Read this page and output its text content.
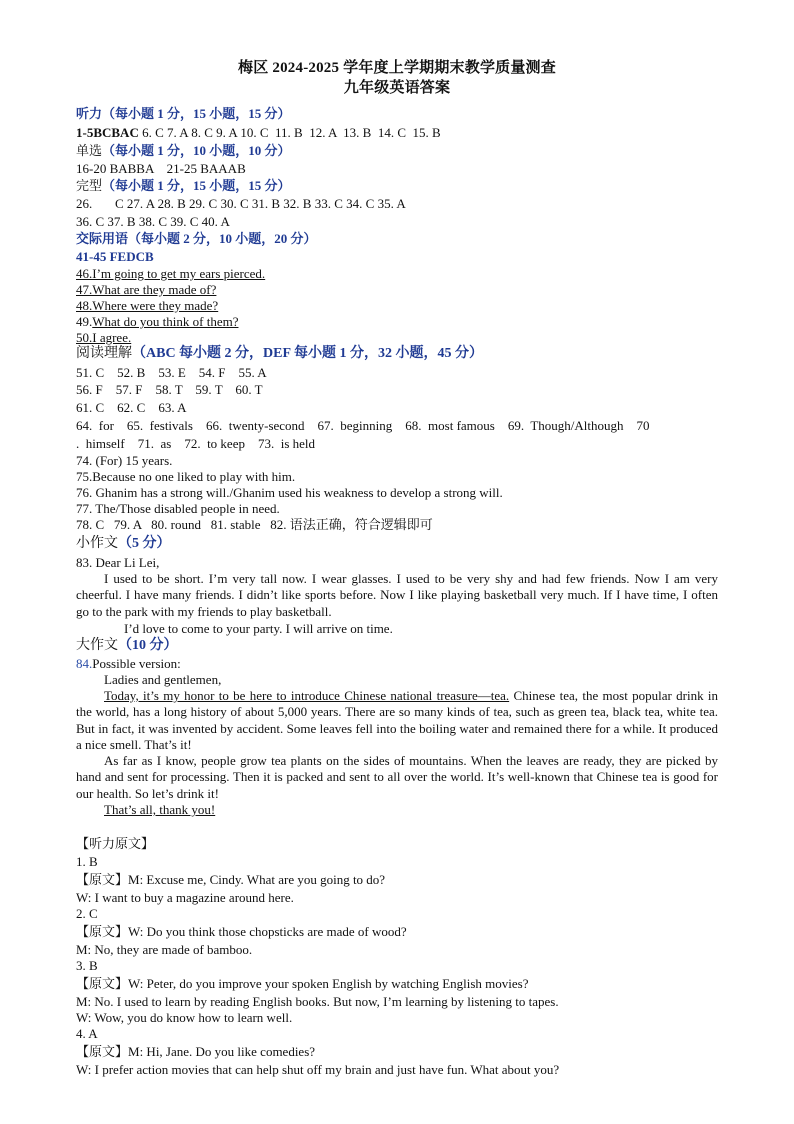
梅区 2024-2025 学年度上学期期末教学质量测查
九年级英语答案
听力（每小题 1 分，15 小题，15 分）
1-5BCBAC 6. C 7. A 8. C 9. A 10. C  11. B  12. A  13. B  14. C  15. B
单选（每小题 1 分，10 小题，10 分）
16-20 BABBA    21-25 BAAAB
完型（每小题 1 分，15 小题，15 分）
26.       C 27. A 28. B 29. C 30. C 31. B 32. B 33. C 34. C 35. A
36. C 37. B 38. C 39. C 40. A
交际用语（每小题 2 分，10 小题，20 分）
41-45 FEDCB
46.I’m going to get my ears pierced.
47.What are they made of?
48.Where were they made?
49.What do you think of them?
50.I agree.
阅读理解（ABC 每小题 2 分，DEF 每小题 1 分，32 小题，45 分）
51. C    52. B    53. E    54. F    55. A
56. F    57. F    58. T    59. T    60. T
61. C    62. C    63. A
64.  for    65.  festivals    66.  twenty-second    67.  beginning    68.  most famous    69.  Though/Although    70
.  himself    71.  as    72.  to keep    73.  is held
74. (For) 15 years.
75.Because no one liked to play with him.
76. Ghanim has a strong will./Ghanim used his weakness to develop a strong will.
77. The/Those disabled people in need.
78. C   79. A   80. round   81. stable   82. 语法正确，符合逻辑即可
小作文（5 分）
83. Dear Li Lei,
I used to be short. I’m very tall now. I wear glasses. I used to be very shy and had few friends. Now I am very cheerful. I have many friends. I didn’t like sports before. Now I like playing basketball very much. If I have time, I often go to the park with my friends to play basketball.
I’d love to come to your party. I will arrive on time.
大作文（10 分）
84.Possible version:
Ladies and gentlemen,
Today, it’s my honor to be here to introduce Chinese national treasure—tea. Chinese tea, the most popular drink in the world, has a long history of about 5,000 years. There are so many kinds of tea, such as green tea, black tea, white tea. But in fact, it was invented by accident. Some leaves fell into the boiling water and remained there for a while. It produced a nice smell. That’s it!
As far as I know, people grow tea plants on the sides of mountains. When the leaves are ready, they are picked by hand and sent for processing. Then it is packed and sent to all over the world. It’s well-known that Chinese tea is good for our health. So let’s drink it!
That’s all, thank you!
【听力原文】
1. B
【原文】M: Excuse me, Cindy. What are you going to do?
W: I want to buy a magazine around here.
2. C
【原文】W: Do you think those chopsticks are made of wood?
M: No, they are made of bamboo.
3. B
【原文】W: Peter, do you improve your spoken English by watching English movies?
M: No. I used to learn by reading English books. But now, I’m learning by listening to tapes.
W: Wow, you do know how to learn well.
4. A
【原文】M: Hi, Jane. Do you like comedies?
W: I prefer action movies that can help shut off my brain and just have fun. What about you?
